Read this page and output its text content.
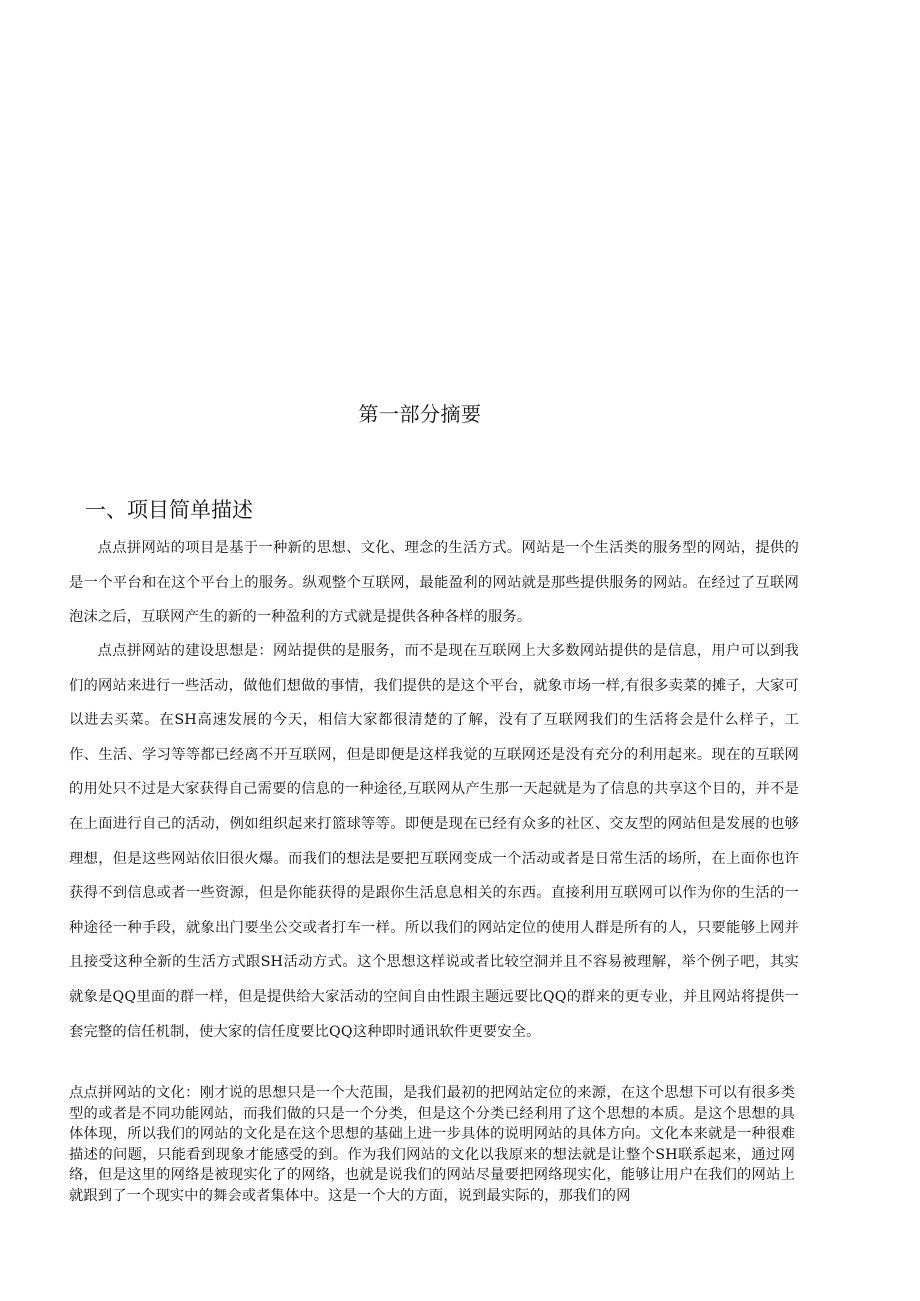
第一部分摘要
一、项目简单描述

点点拼网站的项目是基于一种新的思想、文化、理念的生活方式。网站是一个生活类的服务型的网站，提供的是一个平台和在这个平台上的服务。纵观整个互联网，最能盈利的网站就是那些提供服务的网站。在经过了互联网泡沫之后，互联网产生的新的一种盈利的方式就是提供各种各样的服务。

点点拼网站的建设思想是：网站提供的是服务，而不是现在互联网上大多数网站提供的是信息，用户可以到我们的网站来进行一些活动，做他们想做的事情，我们提供的是这个平台，就象市场一样,有很多卖菜的摊子，大家可以进去买菜。在SH高速发展的今天，相信大家都很清楚的了解，没有了互联网我们的生活将会是什么样子，工作、生活、学习等等都已经离不开互联网，但是即便是这样我觉的互联网还是没有充分的利用起来。现在的互联网的用处只不过是大家获得自己需要的信息的一种途径,互联网从产生那一天起就是为了信息的共享这个目的，并不是在上面进行自己的活动，例如组织起来打篮球等等。即便是现在已经有众多的社区、交友型的网站但是发展的也够理想，但是这些网站依旧很火爆。而我们的想法是要把互联网变成一个活动或者是日常生活的场所，在上面你也许获得不到信息或者一些资源，但是你能获得的是跟你生活息息相关的东西。直接利用互联网可以作为你的生活的一种途径一种手段，就象出门要坐公交或者打车一样。所以我们的网站定位的使用人群是所有的人，只要能够上网并且接受这种全新的生活方式跟SH活动方式。这个思想这样说或者比较空洞并且不容易被理解，举个例子吧，其实就象是QQ里面的群一样，但是提供给大家活动的空间自由性跟主题远要比QQ的群来的更专业，并且网站将提供一套完整的信任机制，使大家的信任度要比QQ这种即时通讯软件更要安全。

点点拼网站的文化：刚才说的思想只是一个大范围，是我们最初的把网站定位的来源，在这个思想下可以有很多类型的或者是不同功能网站，而我们做的只是一个分类，但是这个分类已经利用了这个思想的本质。是这个思想的具体体现，所以我们的网站的文化是在这个思想的基础上进一步具体的说明网站的具体方向。文化本来就是一种很难描述的问题，只能看到现象才能感受的到。作为我们网站的文化以我原来的想法就是让整个SH联系起来，通过网络，但是这里的网络是被现实化了的网络，也就是说我们的网站尽量要把网络现实化，能够让用户在我们的网站上就跟到了一个现实中的舞会或者集体中。这是一个大的方面，说到最实际的，那我们的网
